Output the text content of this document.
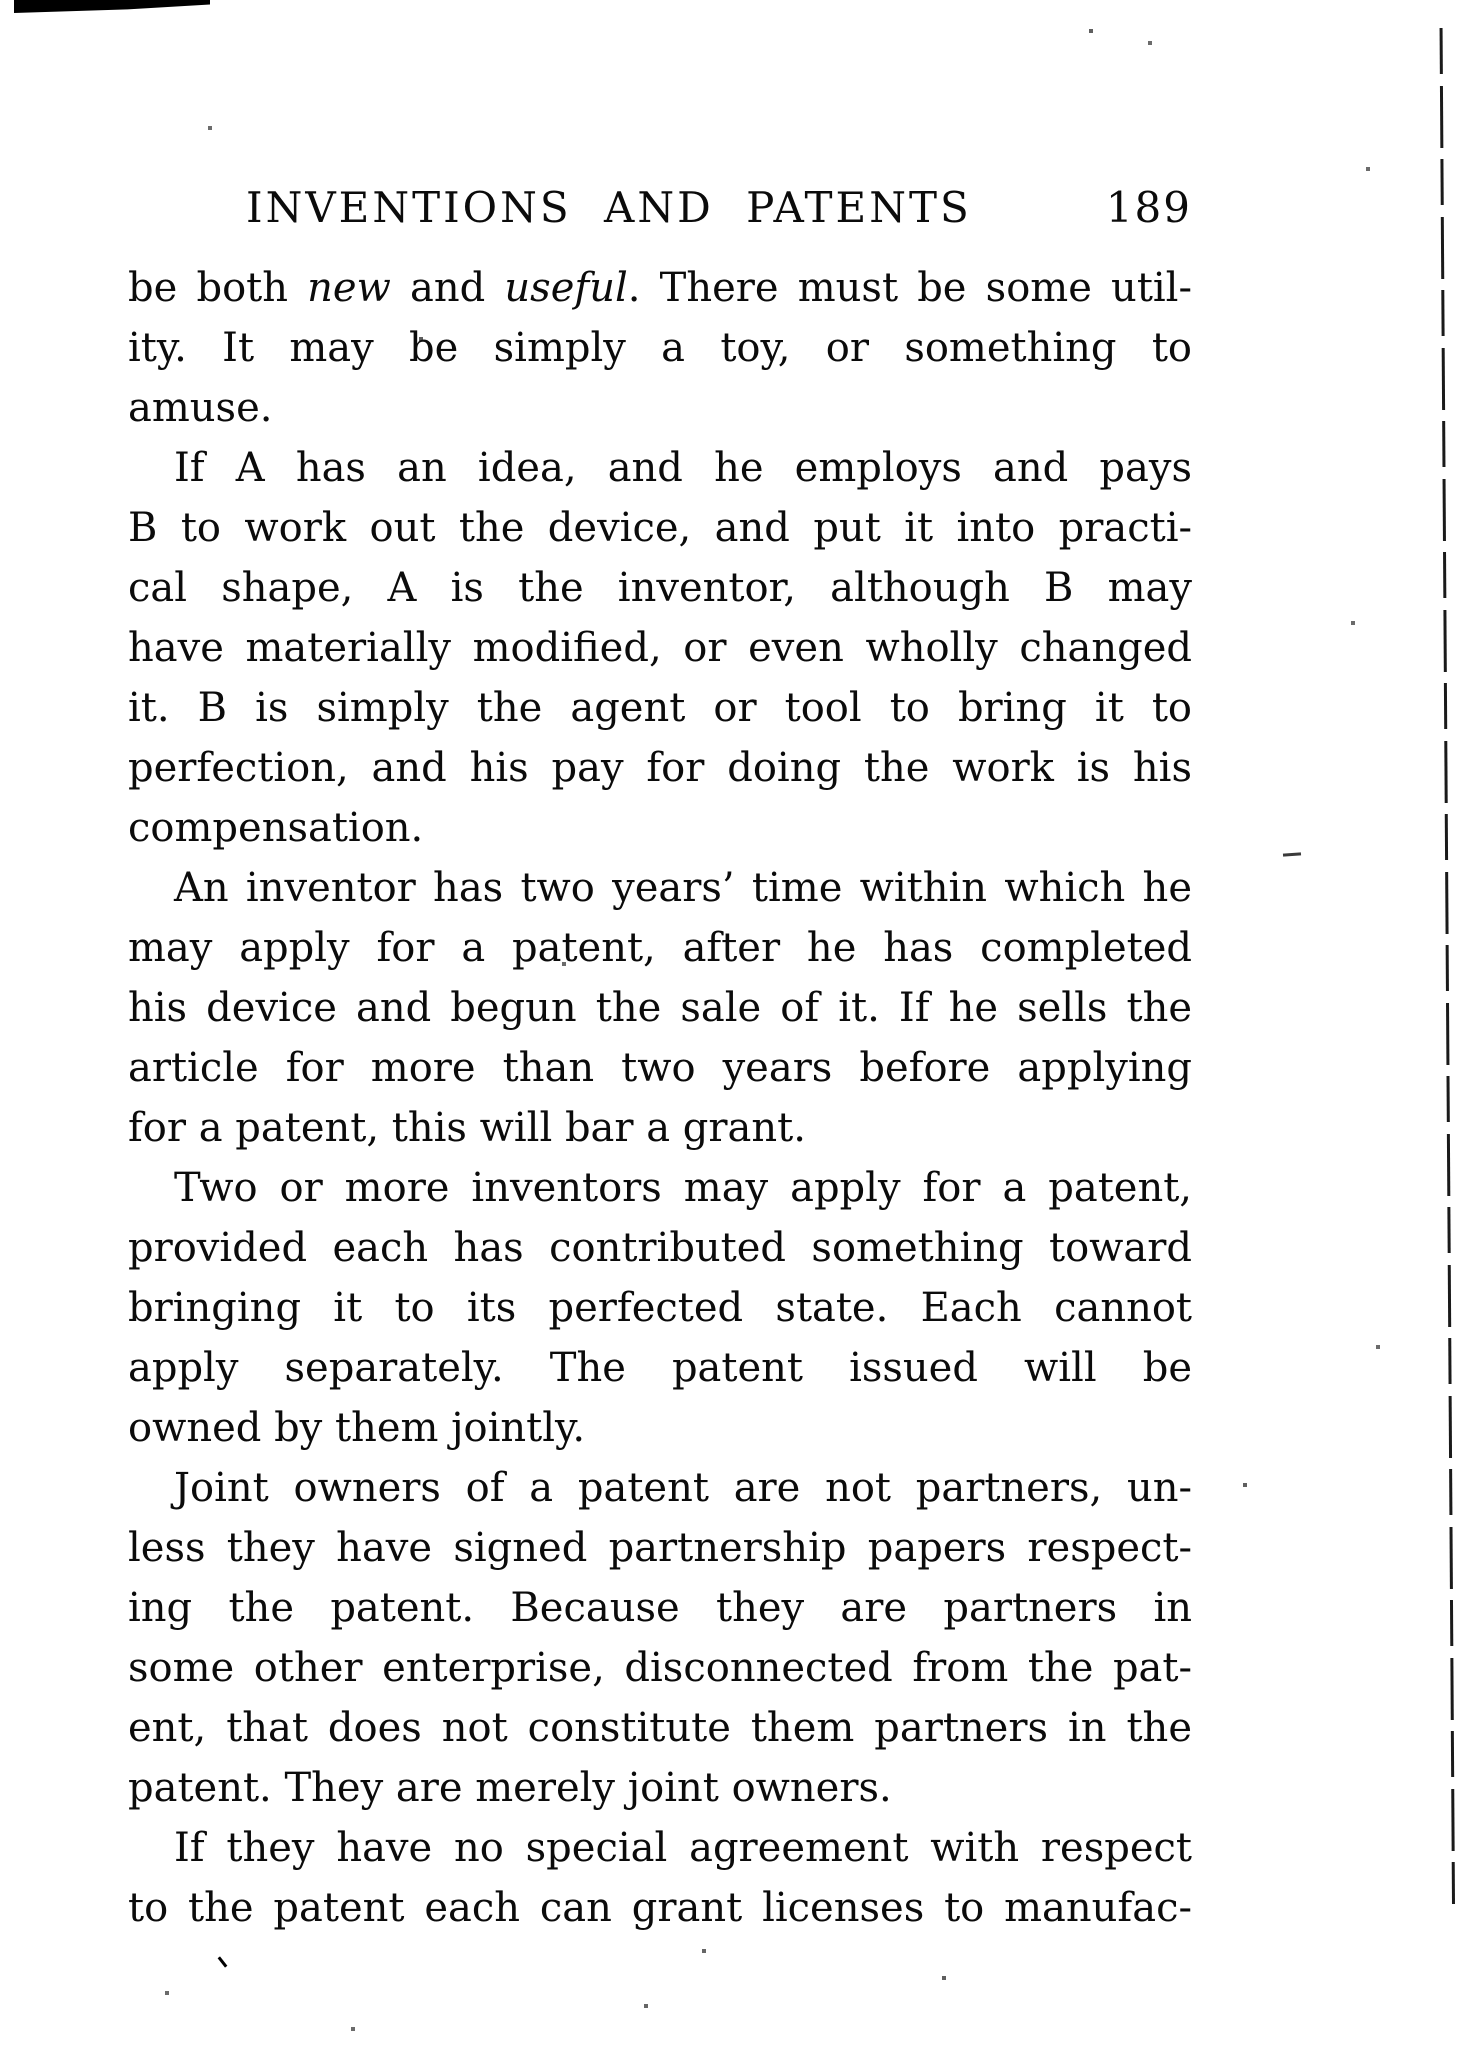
INVENTIONS AND PATENTS	189
be both new and useful. There must be some util-
ity. It may be simply a toy, or something to
amuse.
If A has an idea, and he employs and pays
B to work out the device, and put it into practi-
cal shape, A is the inventor, although B may
have materially modified, or even wholly changed
it. B is simply the agent or tool to bring it to
perfection, and his pay for doing the work is his
compensation.
An inventor has two years’ time within which he
may apply for a patent, after he has completed
his device and begun the sale of it. If he sells the
article for more than two years before applying
for a patent, this will bar a grant.
Two or more inventors may apply for a patent,
provided each has contributed something toward
bringing it to its perfected state. Each cannot
apply separately. The patent issued will be
owned by them jointly.
Joint owners of a patent are not partners, un-
less they have signed partnership papers respect-
ing the patent. Because they are partners in
some other enterprise, disconnected from the pat-
ent, that does not constitute them partners in the
patent. They are merely joint owners.
If they have no special agreement with respect
to the patent each can grant licenses to manufac-
